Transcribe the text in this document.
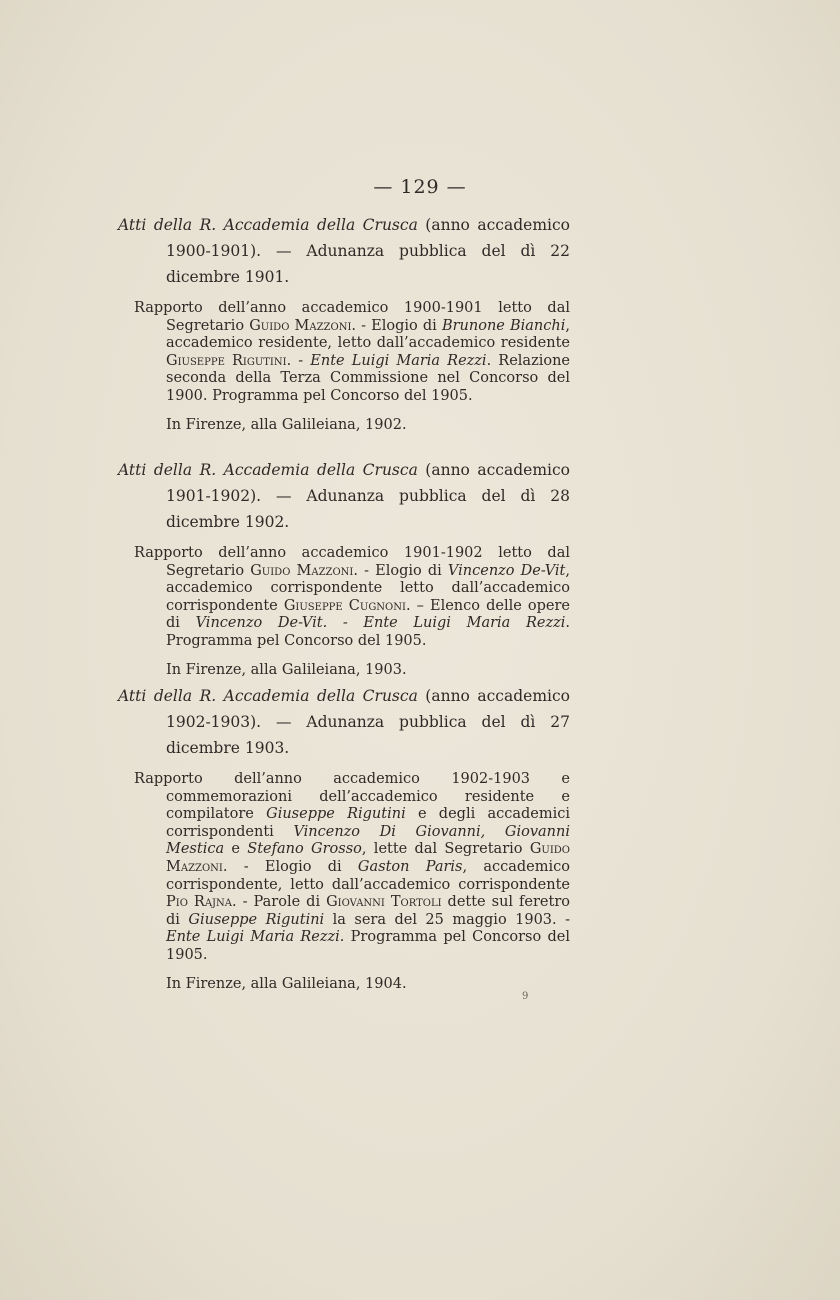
— 129 —

Atti della R. Accademia della Crusca (anno accademico 1900-1901). — Adunanza pubblica del dì 22 dicembre 1901.

Rapporto dell’anno accademico 1900-1901 letto dal Segretario Guido Mazzoni. - Elogio di Brunone Bianchi, accademico residente, letto dall’accademico residente Giuseppe Rigutini. - Ente Luigi Maria Rezzi. Relazione seconda della Terza Commissione nel Concorso del 1900. Programma pel Concorso del 1905.

In Firenze, alla Galileiana, 1902.

Atti della R. Accademia della Crusca (anno accademico 1901-1902). — Adunanza pubblica del dì 28 dicembre 1902.

Rapporto dell’anno accademico 1901-1902 letto dal Segretario Guido Mazzoni. - Elogio di Vincenzo De-Vit, accademico corrispondente letto dall’accademico corrispondente Giuseppe Cugnoni. – Elenco delle opere di Vincenzo De-Vit. - Ente Luigi Maria Rezzi. Programma pel Concorso del 1905.

In Firenze, alla Galileiana, 1903.

Atti della R. Accademia della Crusca (anno accademico 1902-1903). — Adunanza pubblica del dì 27 dicembre 1903.

Rapporto dell’anno accademico 1902-1903 e commemorazioni dell’accademico residente e compilatore Giuseppe Rigutini e degli accademici corrispondenti Vincenzo Di Giovanni, Giovanni Mestica e Stefano Grosso, lette dal Segretario Guido Mazzoni. - Elogio di Gaston Paris, accademico corrispondente, letto dall’accademico corrispondente Pio Rajna. - Parole di Giovanni Tortoli dette sul feretro di Giuseppe Rigutini la sera del 25 maggio 1903. - Ente Luigi Maria Rezzi. Programma pel Concorso del 1905.

In Firenze, alla Galileiana, 1904.

9
